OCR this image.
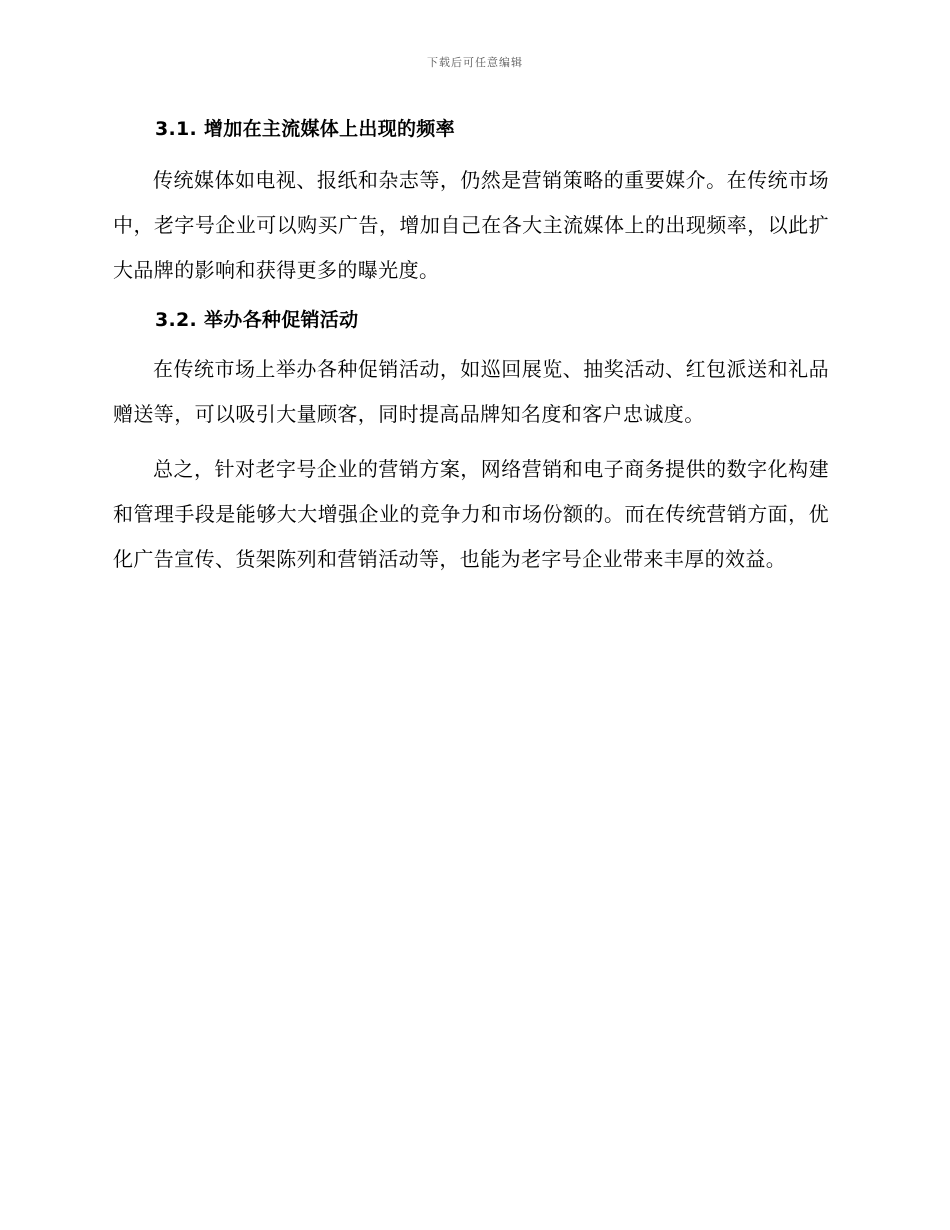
下载后可任意编辑
3.1. 增加在主流媒体上出现的频率

传统媒体如电视、报纸和杂志等，仍然是营销策略的重要媒介。在传统市场中，老字号企业可以购买广告，增加自己在各大主流媒体上的出现频率，以此扩大品牌的影响和获得更多的曝光度。

3.2. 举办各种促销活动

在传统市场上举办各种促销活动，如巡回展览、抽奖活动、红包派送和礼品赠送等，可以吸引大量顾客，同时提高品牌知名度和客户忠诚度。

总之，针对老字号企业的营销方案，网络营销和电子商务提供的数字化构建和管理手段是能够大大增强企业的竞争力和市场份额的。而在传统营销方面，优化广告宣传、货架陈列和营销活动等，也能为老字号企业带来丰厚的效益。
